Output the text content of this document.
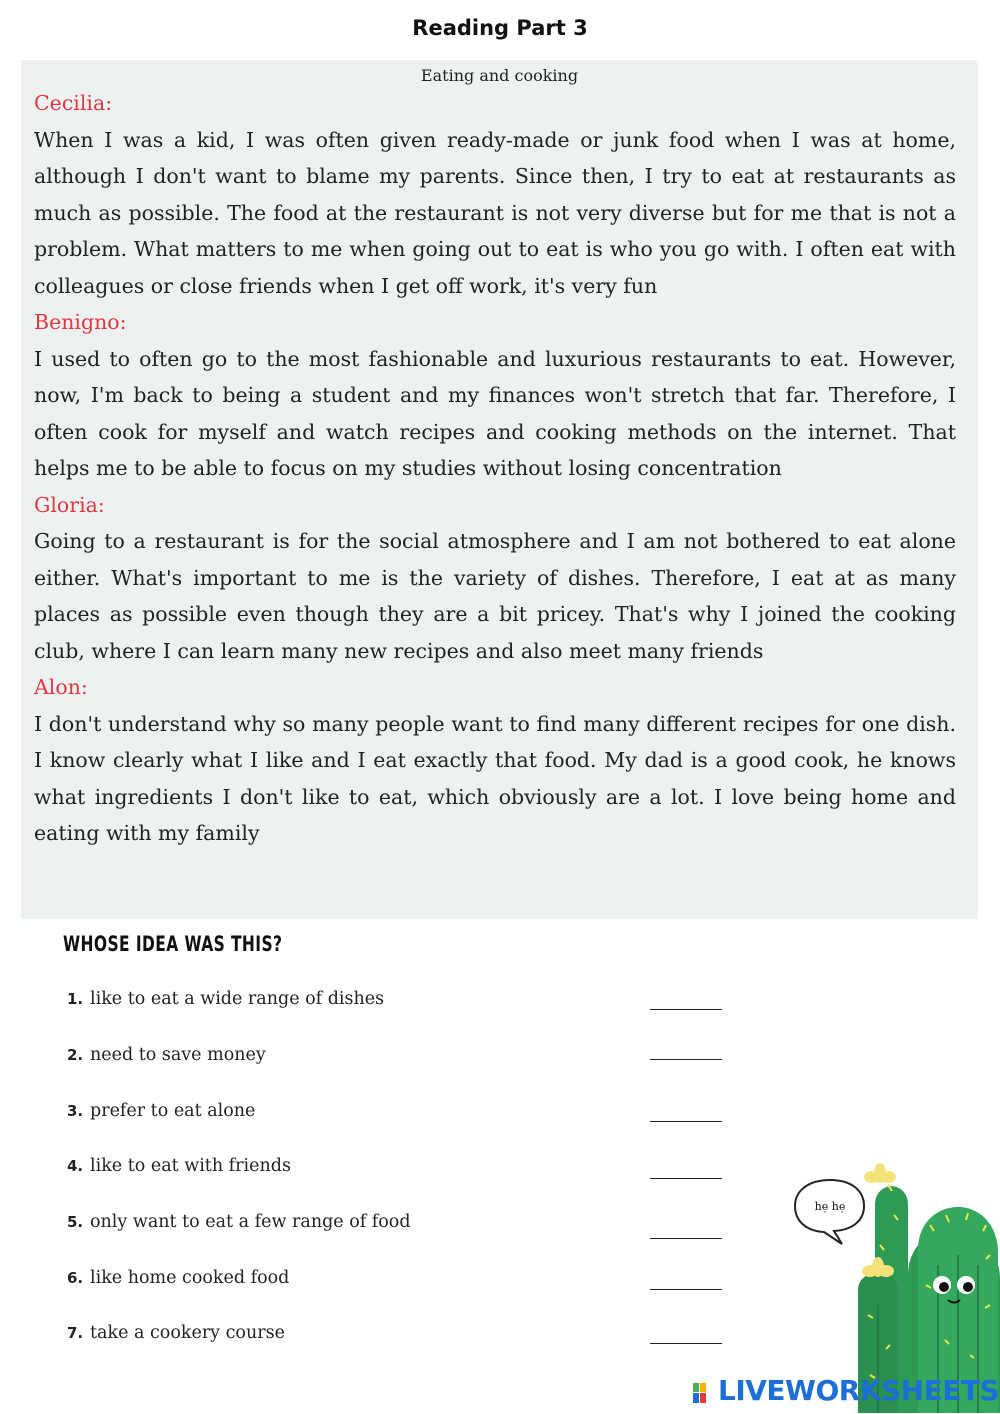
Reading Part 3
Eating and cooking
Cecilia:
When I was a kid, I was often given ready-made or junk food when I was at home, although I don't want to blame my parents. Since then, I try to eat at restaurants as much as possible. The food at the restaurant is not very diverse but for me that is not a problem. What matters to me when going out to eat is who you go with. I often eat with colleagues or close friends when I get off work, it's very fun
Benigno:
I used to often go to the most fashionable and luxurious restaurants to eat. However, now, I'm back to being a student and my finances won't stretch that far. Therefore, I often cook for myself and watch recipes and cooking methods on the internet. That helps me to be able to focus on my studies without losing concentration
Gloria:
Going to a restaurant is for the social atmosphere and I am not bothered to eat alone either. What's important to me is the variety of dishes. Therefore, I eat at as many places as possible even though they are a bit pricey. That's why I joined the cooking club, where I can learn many new recipes and also meet many friends
Alon:
I don't understand why so many people want to find many different recipes for one dish. I know clearly what I like and I eat exactly that food. My dad is a good cook, he knows what ingredients I don't like to eat, which obviously are a lot. I love being home and eating with my family
WHOSE IDEA WAS THIS?
1. like to eat a wide range of dishes
2. need to save money
3. prefer to eat alone
4. like to eat with friends
5. only want to eat a few range of food
6. like home cooked food
7. take a cookery course
hẹ hẹ
LIVEWORKSHEETS
